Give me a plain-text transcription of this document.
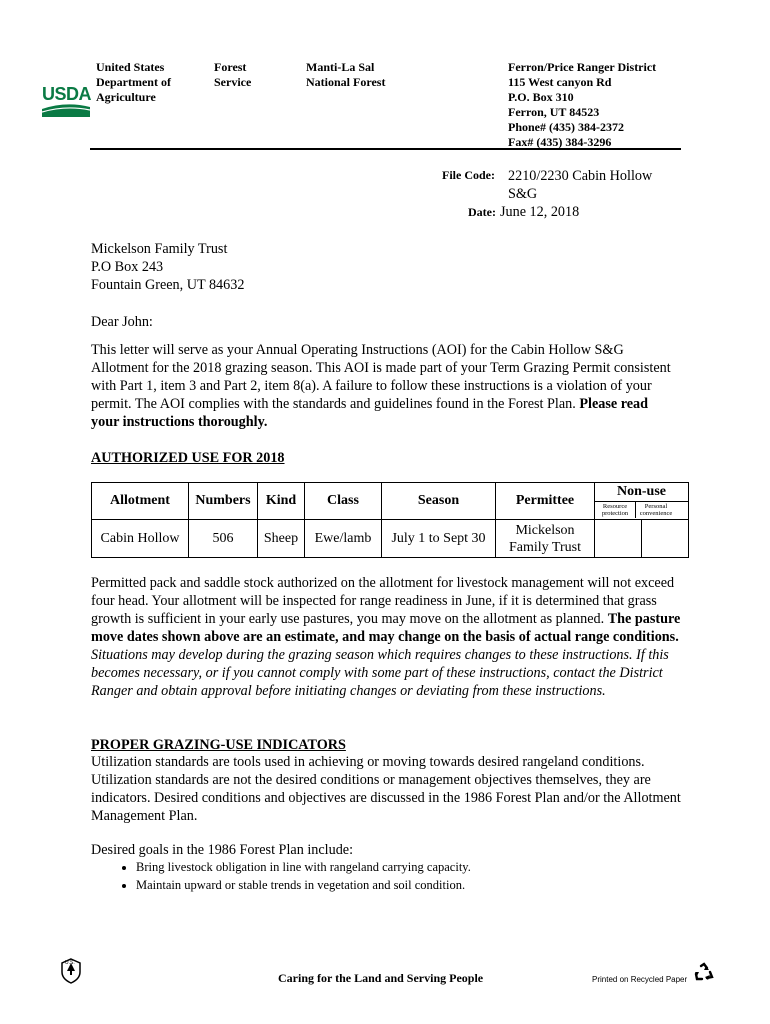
United States
Department of
Agriculture
USDA
Forest
Service
Manti-La Sal
National Forest
Ferron/Price Ranger District
115 West canyon Rd
P.O. Box 310
Ferron, UT 84523
Phone# (435) 384-2372
Fax# (435) 384-3296
File Code: 2210/2230 Cabin Hollow
S&G
Date: June 12, 2018
Mickelson Family Trust
P.O Box 243
Fountain Green, UT 84632
Dear John:
This letter will serve as your Annual Operating Instructions (AOI) for the Cabin Hollow S&G Allotment for the 2018 grazing season. This AOI is made part of your Term Grazing Permit consistent with Part 1, item 3 and Part 2, item 8(a). A failure to follow these instructions is a violation of your permit. The AOI complies with the standards and guidelines found in the Forest Plan. Please read your instructions thoroughly.
AUTHORIZED USE FOR 2018
Allotment	Numbers	Kind	Class	Season	Permittee	Non-use
Resource protection
Personal convenience	

Cabin Hollow	506	Sheep	Ewe/lamb	July 1 to Sept 30	Mickelson Family Trust		
Permitted pack and saddle stock authorized on the allotment for livestock management will not exceed four head. Your allotment will be inspected for range readiness in June, if it is determined that grass growth is sufficient in your early use pastures, you may move on the allotment as planned. The pasture move dates shown above are an estimate, and may change on the basis of actual range conditions. Situations may develop during the grazing season which requires changes to these instructions. If this becomes necessary, or if you cannot comply with some part of these instructions, contact the District Ranger and obtain approval before initiating changes or deviating from these instructions.
PROPER GRAZING-USE INDICATORS
Utilization standards are tools used in achieving or moving towards desired rangeland conditions. Utilization standards are not the desired conditions or management objectives themselves, they are indicators. Desired conditions and objectives are discussed in the 1986 Forest Plan and/or the Allotment Management Plan.
Desired goals in the 1986 Forest Plan include:
• Bring livestock obligation in line with rangeland carrying capacity.
• Maintain upward or stable trends in vegetation and soil condition.
U.S.
Caring for the Land and Serving People	Printed on Recycled Paper
